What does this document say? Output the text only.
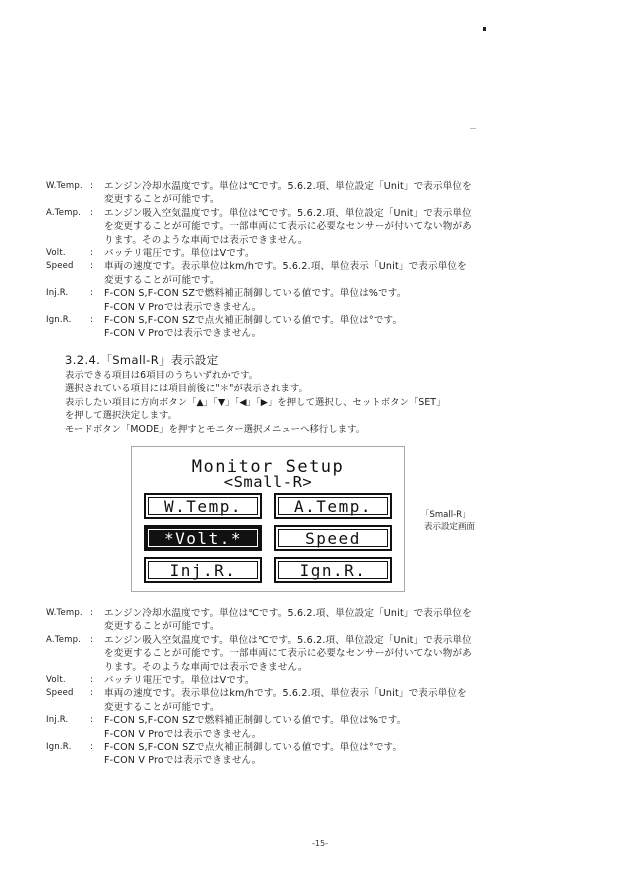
W.Temp. :	エンジン冷却水温度です。単位は℃です。5.6.2.項、単位設定「Unit」で表示単位を
変更することが可能です。
A.Temp. :	エンジン吸入空気温度です。単位は℃です。5.6.2.項、単位設定「Unit」で表示単位
を変更することが可能です。一部車両にて表示に必要なセンサーが付いてない物があ
ります。そのような車両では表示できません。
Volt.	:	バッテリ電圧です。単位はVです。
Speed	:	車両の速度です。表示単位はkm/hです。5.6.2.項、単位表示「Unit」で表示単位を
変更することが可能です。
Inj.R.	:	F-CON S,F-CON SZで燃料補正制御している値です。単位は%です。
F-CON V Proでは表示できません。
Ign.R.	:	F-CON S,F-CON SZで点火補正制御している値です。単位は°です。
F-CON V Proでは表示できません。
3.2.4.「Small-R」表示設定
表示できる項目は6項目のうちいずれかです。
選択されている項目には項目前後に"＊"が表示されます。
表示したい項目に方向ボタン「▲」「▼」「◀」「▶」を押して選択し、セットボタン「SET」
を押して選択決定します。
モードボタン「MODE」を押すとモニター選択メニューへ移行します。
Monitor Setup
<Small-R>
W.Temp.	A.Temp.
*Volt.*	Speed
Inj.R.	Ign.R.
「Small-R」
表示設定画面
W.Temp. :	エンジン冷却水温度です。単位は℃です。5.6.2.項、単位設定「Unit」で表示単位を
変更することが可能です。
A.Temp. :	エンジン吸入空気温度です。単位は℃です。5.6.2.項、単位設定「Unit」で表示単位
を変更することが可能です。一部車両にて表示に必要なセンサーが付いてない物があ
ります。そのような車両では表示できません。
Volt.	:	バッテリ電圧です。単位はVです。
Speed	:	車両の速度です。表示単位はkm/hです。5.6.2.項、単位表示「Unit」で表示単位を
変更することが可能です。
Inj.R.	:	F-CON S,F-CON SZで燃料補正制御している値です。単位は%です。
F-CON V Proでは表示できません。
Ign.R.	:	F-CON S,F-CON SZで点火補正制御している値です。単位は°です。
F-CON V Proでは表示できません。
-15-
